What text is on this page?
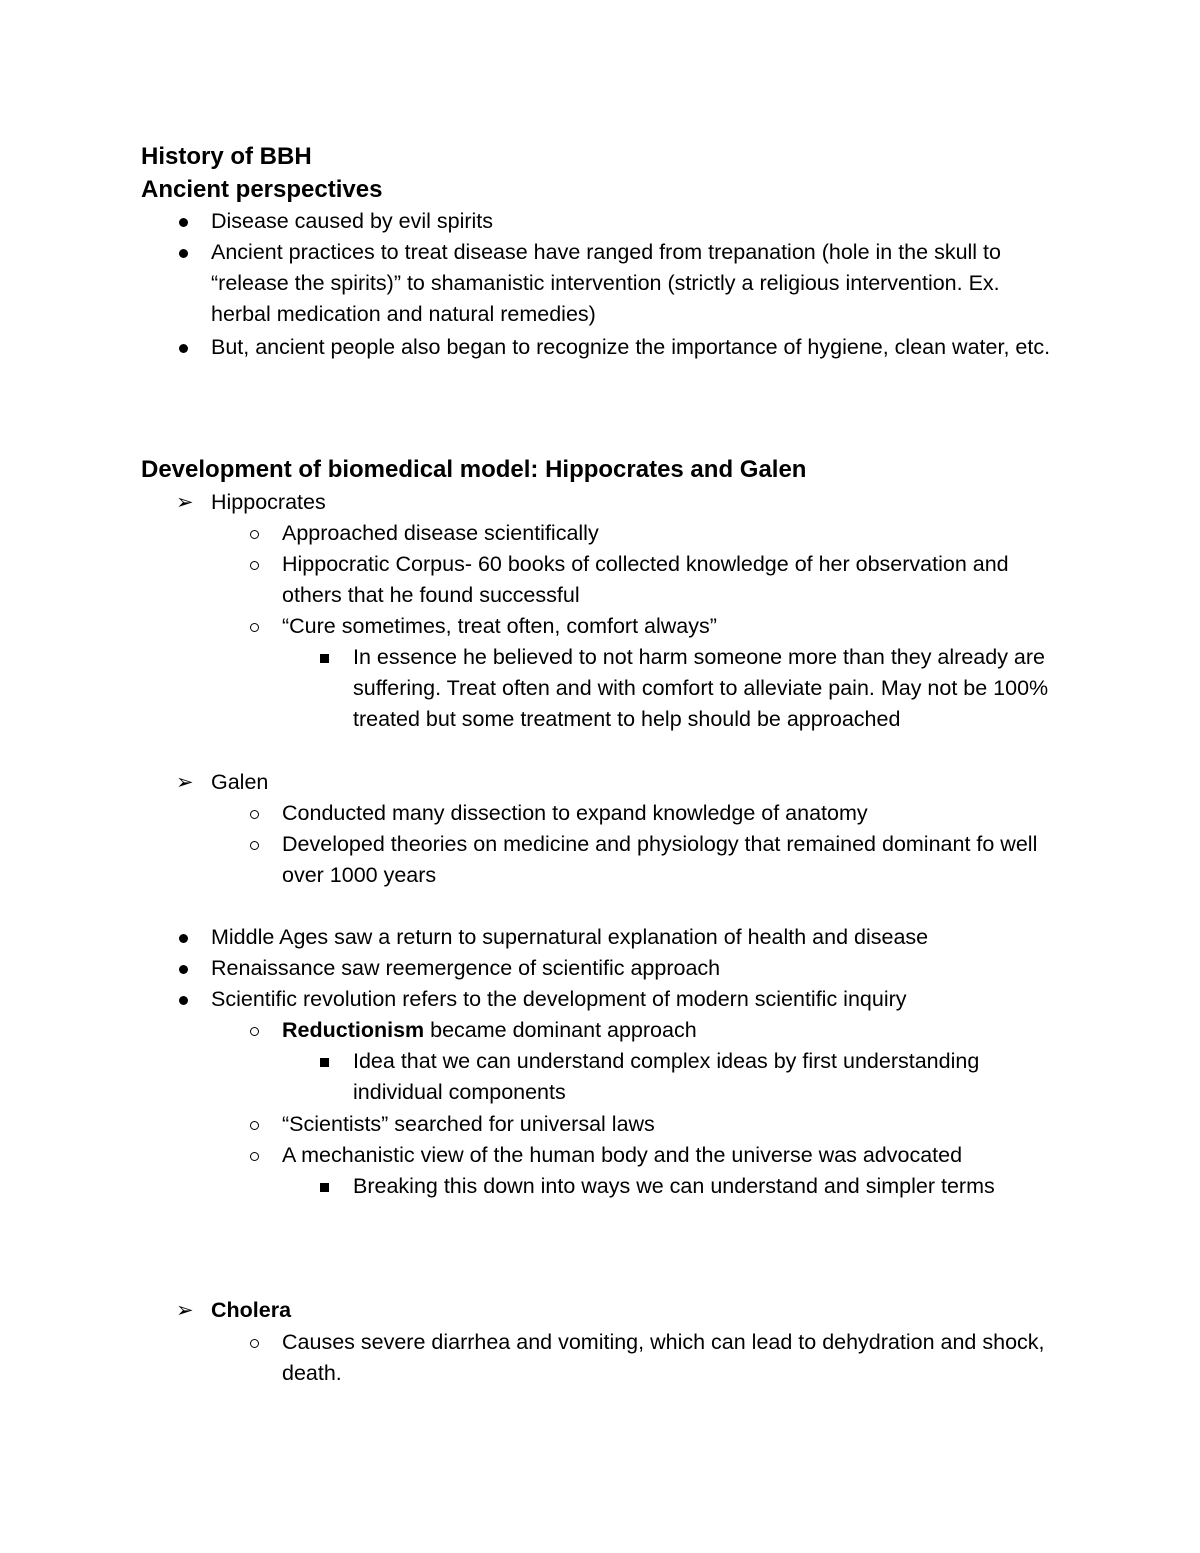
History of BBH
Ancient perspectives
Disease caused by evil spirits
Ancient practices to treat disease have ranged from trepanation (hole in the skull to “release the spirits)” to shamanistic intervention (strictly a religious intervention. Ex. herbal medication and natural remedies)
But, ancient people also began to recognize the importance of hygiene, clean water, etc.
Development of biomedical model: Hippocrates and Galen
➢ Hippocrates
Approached disease scientifically
Hippocratic Corpus- 60 books of collected knowledge of her observation and others that he found successful
“Cure sometimes, treat often, comfort always”
In essence he believed to not harm someone more than they already are suffering. Treat often and with comfort to alleviate pain. May not be 100% treated but some treatment to help should be approached
➢ Galen
Conducted many dissection to expand knowledge of anatomy
Developed theories on medicine and physiology that remained dominant fo well over 1000 years
Middle Ages saw a return to supernatural explanation of health and disease
Renaissance saw reemergence of scientific approach
Scientific revolution refers to the development of modern scientific inquiry
Reductionism became dominant approach
Idea that we can understand complex ideas by first understanding individual components
“Scientists” searched for universal laws
A mechanistic view of the human body and the universe was advocated
Breaking this down into ways we can understand and simpler terms
➢ Cholera
Causes severe diarrhea and vomiting, which can lead to dehydration and shock, death.
